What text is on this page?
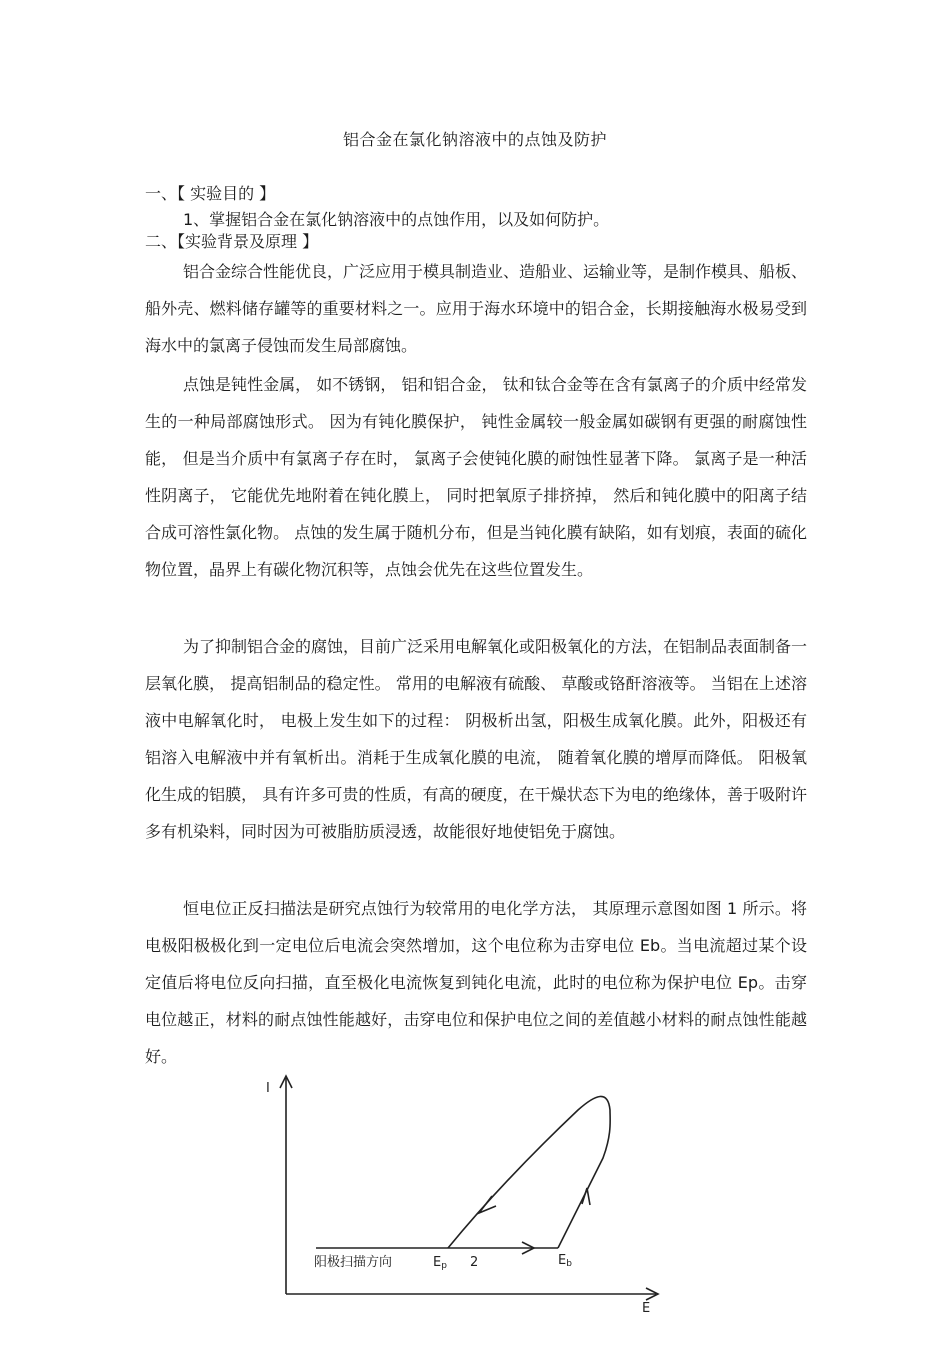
铝合金在氯化钠溶液中的点蚀及防护
一、【 实验目的 】
1、掌握铝合金在氯化钠溶液中的点蚀作用，以及如何防护。
二、【实验背景及原理 】
铝合金综合性能优良，广泛应用于模具制造业、造船业、运输业等，是制作模具、船板、船外壳、燃料储存罐等的重要材料之一。应用于海水环境中的铝合金，长期接触海水极易受到海水中的氯离子侵蚀而发生局部腐蚀。
点蚀是钝性金属， 如不锈钢， 铝和铝合金， 钛和钛合金等在含有氯离子的介质中经常发生的一种局部腐蚀形式。 因为有钝化膜保护， 钝性金属较一般金属如碳钢有更强的耐腐蚀性能， 但是当介质中有氯离子存在时， 氯离子会使钝化膜的耐蚀性显著下降。 氯离子是一种活性阴离子， 它能优先地附着在钝化膜上， 同时把氧原子排挤掉， 然后和钝化膜中的阳离子结合成可溶性氯化物。 点蚀的发生属于随机分布，但是当钝化膜有缺陷，如有划痕，表面的硫化物位置，晶界上有碳化物沉积等，点蚀会优先在这些位置发生。
为了抑制铝合金的腐蚀，目前广泛采用电解氧化或阳极氧化的方法，在铝制品表面制备一层氧化膜， 提高铝制品的稳定性。 常用的电解液有硫酸、 草酸或铬酐溶液等。 当铝在上述溶液中电解氧化时， 电极上发生如下的过程： 阴极析出氢，阳极生成氧化膜。此外，阳极还有铝溶入电解液中并有氧析出。消耗于生成氧化膜的电流， 随着氧化膜的增厚而降低。 阳极氧化生成的铝膜， 具有许多可贵的性质，有高的硬度，在干燥状态下为电的绝缘体，善于吸附许多有机染料，同时因为可被脂肪质浸透，故能很好地使铝免于腐蚀。
恒电位正反扫描法是研究点蚀行为较常用的电化学方法， 其原理示意图如图 1 所示。将电极阳极极化到一定电位后电流会突然增加，这个电位称为击穿电位 Eb。当电流超过某个设定值后将电位反向扫描，直至极化电流恢复到钝化电流，此时的电位称为保护电位 Ep。击穿电位越正，材料的耐点蚀性能越好，击穿电位和保护电位之间的差值越小材料的耐点蚀性能越好。
I
E
阳极扫描方向	Ep 2	Eb
